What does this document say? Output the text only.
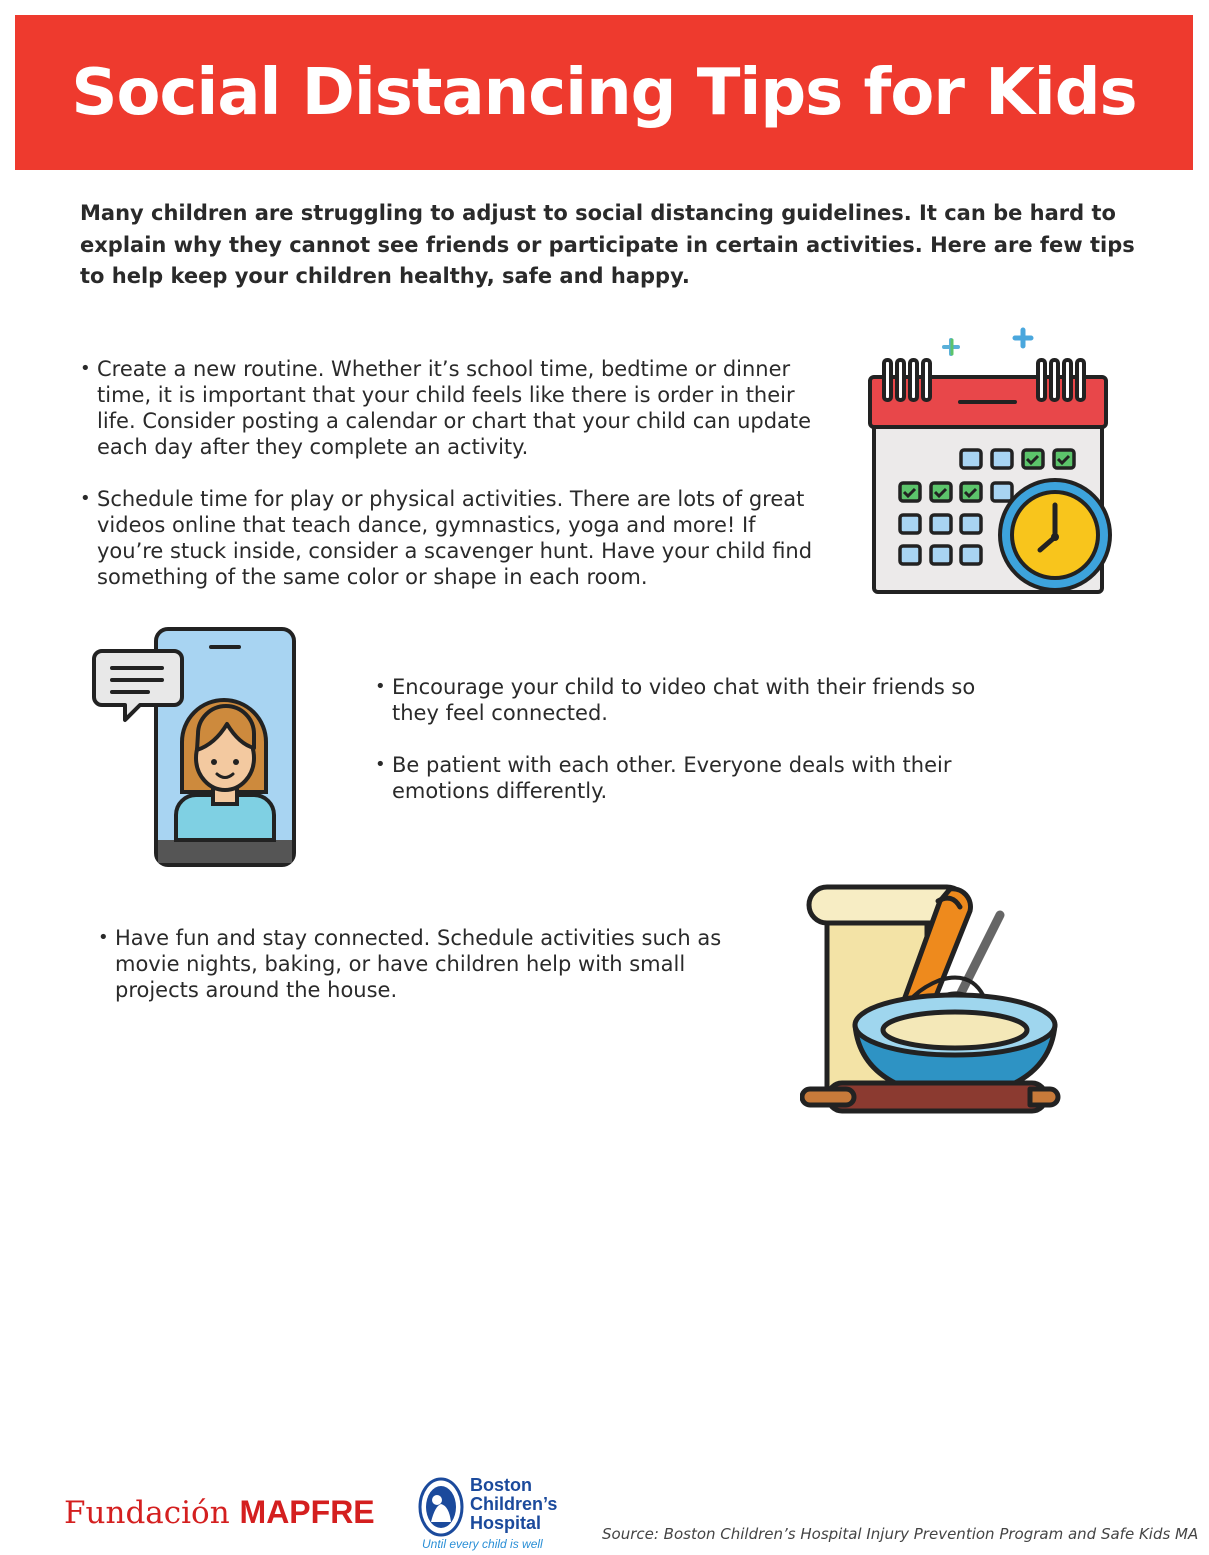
Social Distancing Tips for Kids

Many children are struggling to adjust to social distancing guidelines. It can be hard to explain why they cannot see friends or participate in certain activities. Here are few tips to help keep your children healthy, safe and happy.

• Create a new routine. Whether it’s school time, bedtime or dinner time, it is important that your child feels like there is order in their life. Consider posting a calendar or chart that your child can update each day after they complete an activity.
• Schedule time for play or physical activities. There are lots of great videos online that teach dance, gymnastics, yoga and more! If you’re stuck inside, consider a scavenger hunt. Have your child find something of the same color or shape in each room.
• Encourage your child to video chat with their friends so they feel connected.
• Be patient with each other. Everyone deals with their emotions differently.
• Have fun and stay connected. Schedule activities such as movie nights, baking, or have children help with small projects around the house.
Fundación MAPFRE
Boston
Children’s
Hospital
Until every child is well
Source: Boston Children’s Hospital Injury Prevention Program and Safe Kids MA
